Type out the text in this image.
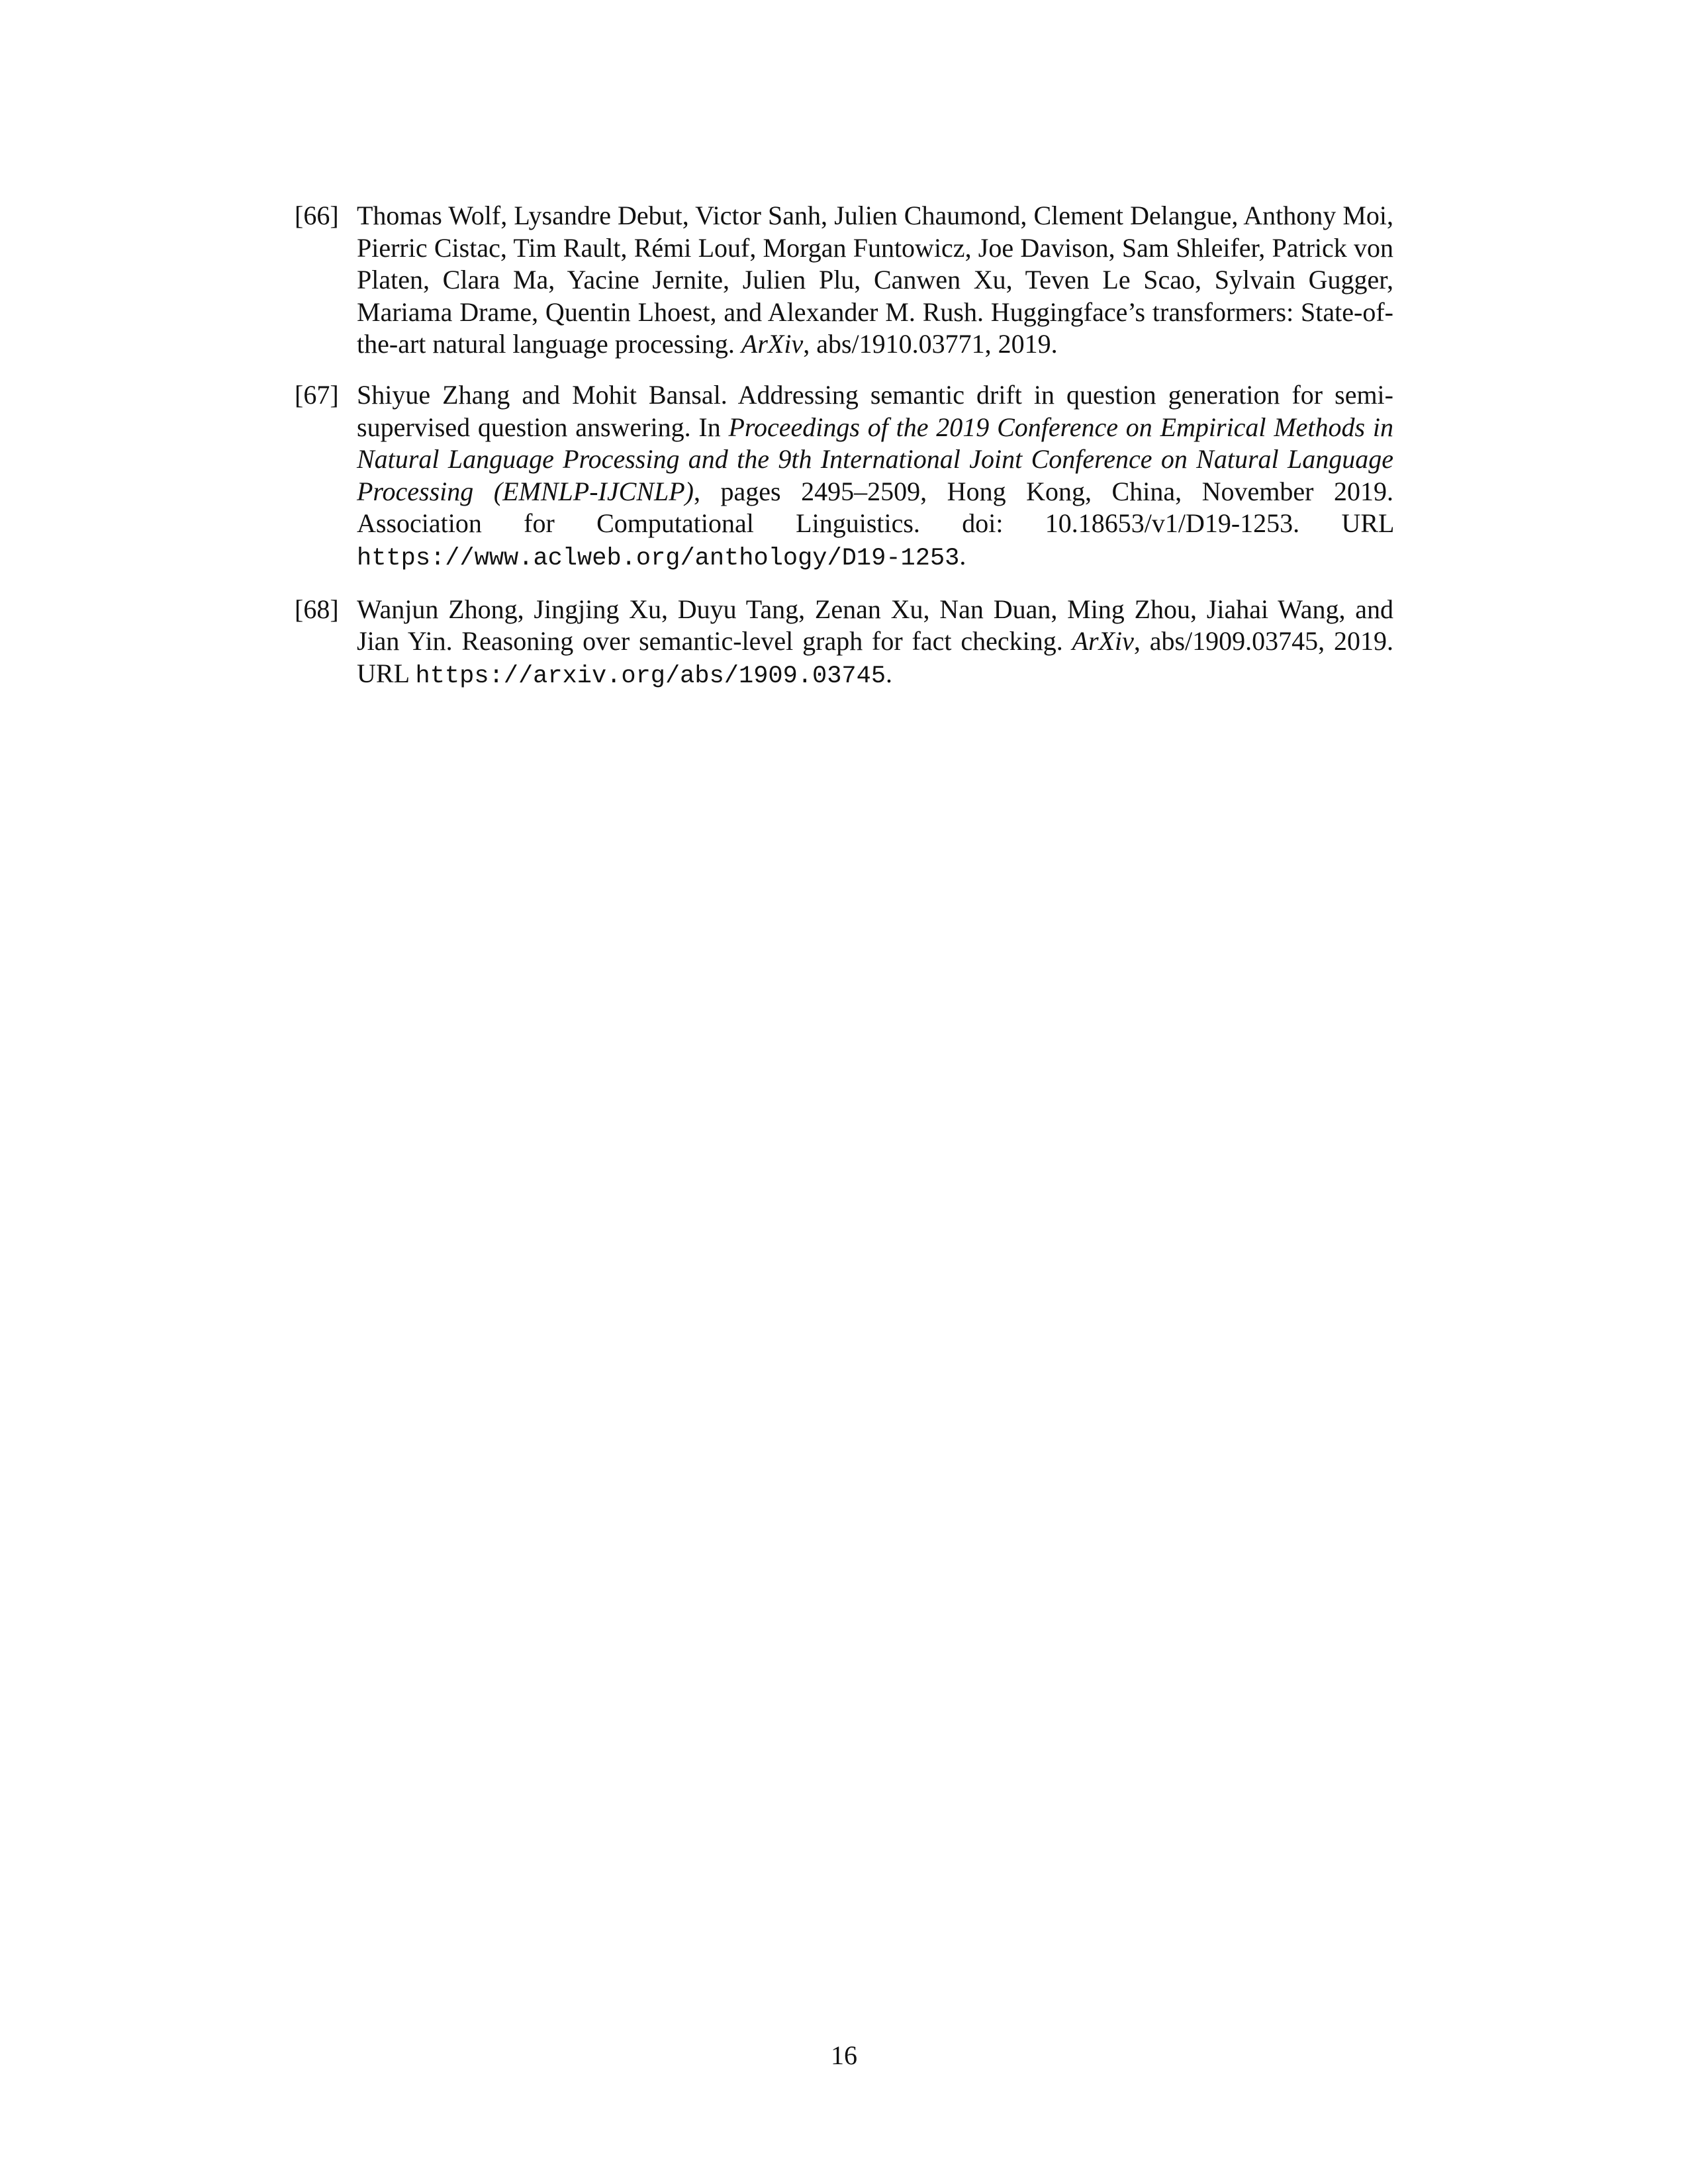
[66] Thomas Wolf, Lysandre Debut, Victor Sanh, Julien Chaumond, Clement Delangue, Anthony Moi, Pierric Cistac, Tim Rault, Rémi Louf, Morgan Funtowicz, Joe Davison, Sam Shleifer, Patrick von Platen, Clara Ma, Yacine Jernite, Julien Plu, Canwen Xu, Teven Le Scao, Sylvain Gugger, Mariama Drame, Quentin Lhoest, and Alexander M. Rush. Huggingface’s transformers: State-of-the-art natural language processing. ArXiv, abs/1910.03771, 2019.
[67] Shiyue Zhang and Mohit Bansal. Addressing semantic drift in question generation for semi-supervised question answering. In Proceedings of the 2019 Conference on Empirical Methods in Natural Language Processing and the 9th International Joint Conference on Natural Language Processing (EMNLP-IJCNLP), pages 2495–2509, Hong Kong, China, November 2019. Association for Computational Linguistics. doi: 10.18653/v1/D19-1253. URL https://www.aclweb.org/anthology/D19-1253.
[68] Wanjun Zhong, Jingjing Xu, Duyu Tang, Zenan Xu, Nan Duan, Ming Zhou, Jiahai Wang, and Jian Yin. Reasoning over semantic-level graph for fact checking. ArXiv, abs/1909.03745, 2019. URL https://arxiv.org/abs/1909.03745.
16
